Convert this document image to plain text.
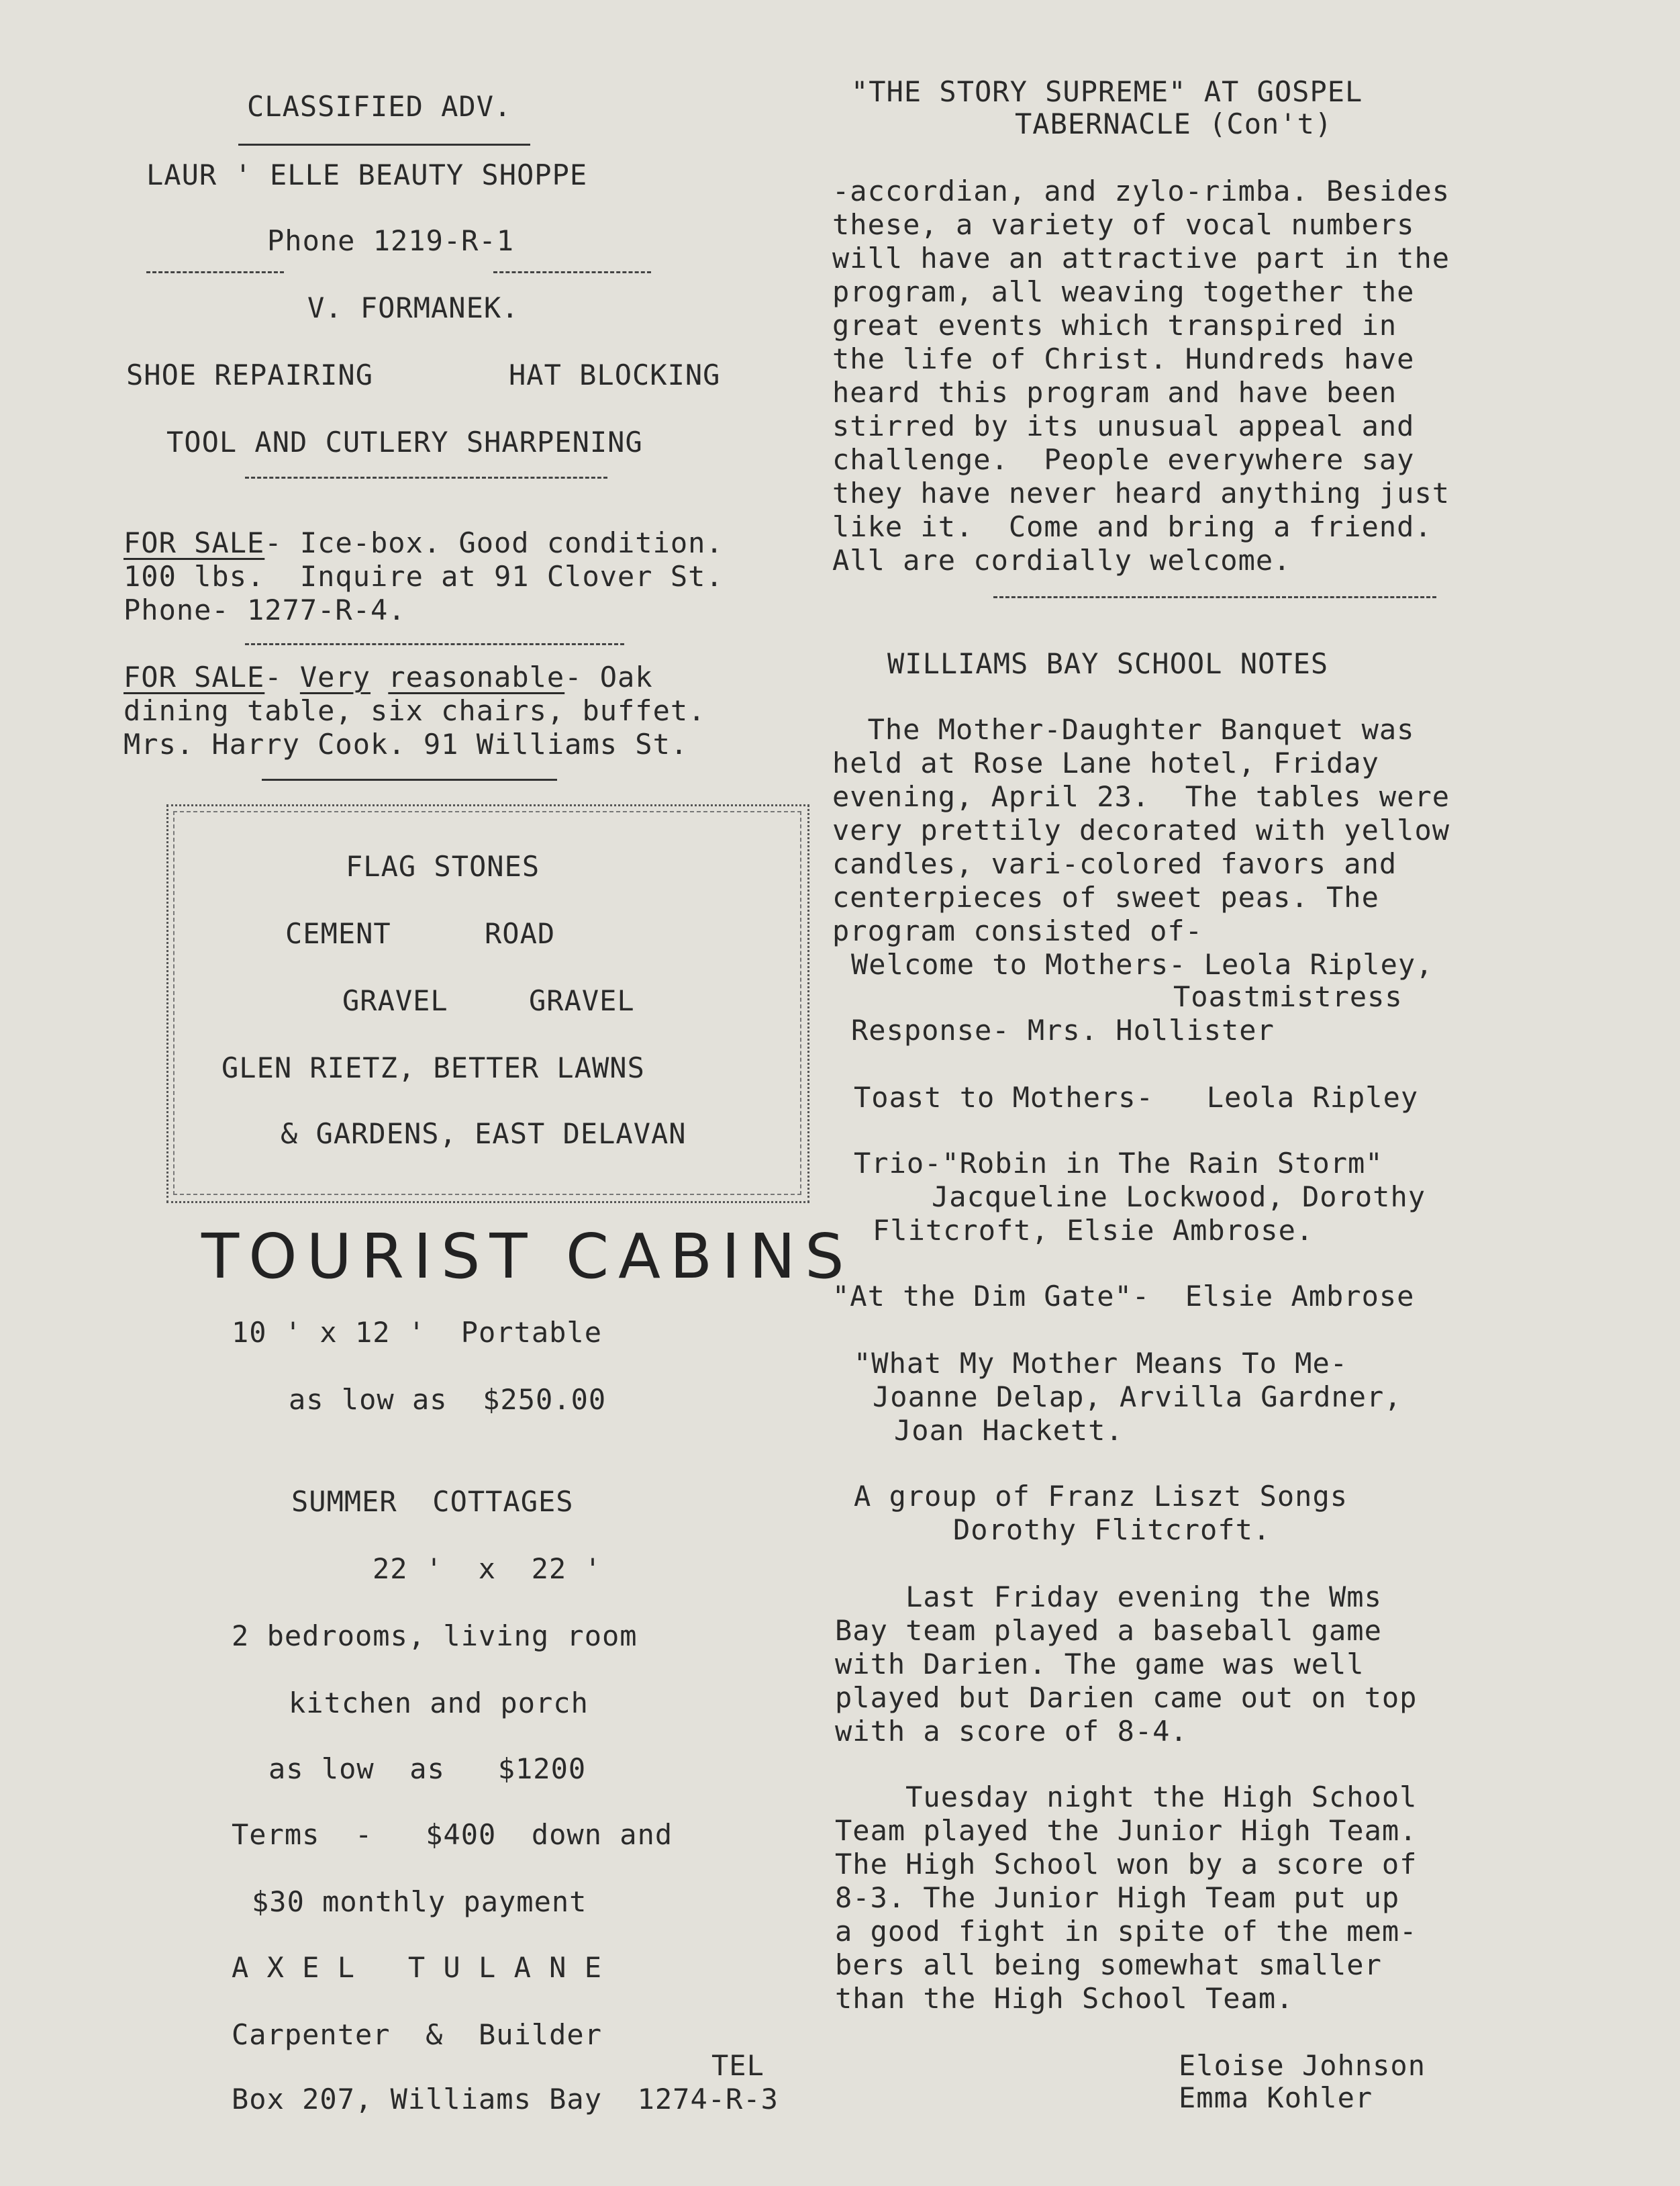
CLASSIFIED ADV.
LAUR ' ELLE BEAUTY SHOPPE
Phone 1219-R-1
V. FORMANEK.
SHOE REPAIRING	HAT BLOCKING
TOOL AND CUTLERY SHARPENING
FOR SALE- Ice-box. Good condition.
100 lbs.  Inquire at 91 Clover St.
Phone- 1277-R-4.
FOR SALE- Very reasonable- Oak
dining table, six chairs, buffet.
Mrs. Harry Cook. 91 Williams St.
FLAG STONES
CEMENT	ROAD
GRAVEL	GRAVEL
GLEN RIETZ, BETTER LAWNS
& GARDENS, EAST DELAVAN
TOURIST CABINS
10 ' x 12 '  Portable
as low as  $250.00
SUMMER  COTTAGES
22 '  x  22 '
2 bedrooms, living room
kitchen and porch
as low  as   $1200
Terms  -   $400  down and
$30 monthly payment
A X E L   T U L A N E
Carpenter  &  Builder
TEL
Box 207, Williams Bay  1274-R-3
"THE STORY SUPREME" AT GOSPEL
TABERNACLE (Con't)
-accordian, and zylo-rimba. Besides
these, a variety of vocal numbers
will have an attractive part in the
program, all weaving together the
great events which transpired in
the life of Christ. Hundreds have
heard this program and have been
stirred by its unusual appeal and
challenge.  People everywhere say
they have never heard anything just
like it.  Come and bring a friend.
All are cordially welcome.
WILLIAMS BAY SCHOOL NOTES
The Mother-Daughter Banquet was
held at Rose Lane hotel, Friday
evening, April 23.  The tables were
very prettily decorated with yellow
candles, vari-colored favors and
centerpieces of sweet peas. The
program consisted of-
Welcome to Mothers- Leola Ripley,
Toastmistress
Response- Mrs. Hollister
Toast to Mothers-   Leola Ripley
Trio-"Robin in The Rain Storm"
Jacqueline Lockwood, Dorothy
Flitcroft, Elsie Ambrose.
"At the Dim Gate"-  Elsie Ambrose
"What My Mother Means To Me-
Joanne Delap, Arvilla Gardner,
Joan Hackett.
A group of Franz Liszt Songs
Dorothy Flitcroft.
Last Friday evening the Wms
Bay team played a baseball game
with Darien. The game was well
played but Darien came out on top
with a score of 8-4.
Tuesday night the High School
Team played the Junior High Team.
The High School won by a score of
8-3. The Junior High Team put up
a good fight in spite of the mem-
bers all being somewhat smaller
than the High School Team.
Eloise Johnson
Emma Kohler
